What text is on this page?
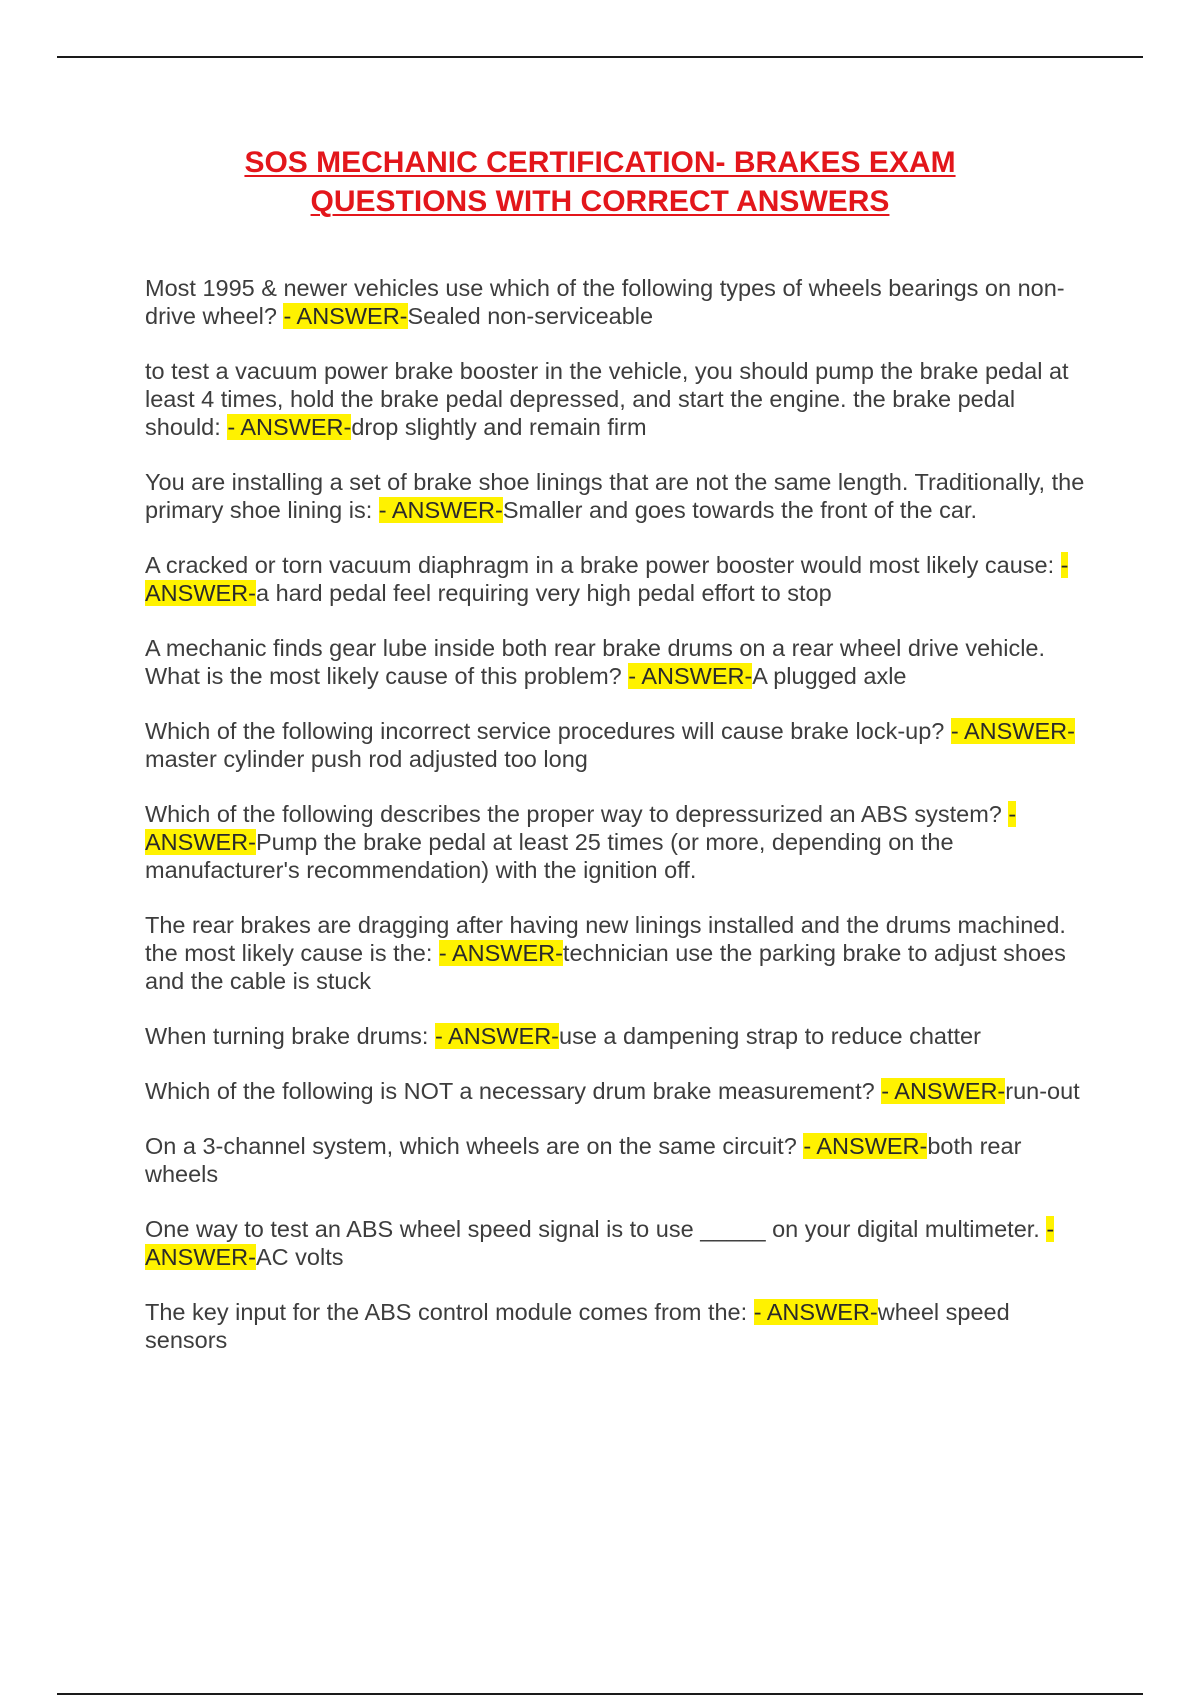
SOS MECHANIC CERTIFICATION- BRAKES EXAM
QUESTIONS WITH CORRECT ANSWERS

Most 1995 & newer vehicles use which of the following types of wheels bearings on non-drive wheel? - ANSWER-Sealed non-serviceable

to test a vacuum power brake booster in the vehicle, you should pump the brake pedal at least 4 times, hold the brake pedal depressed, and start the engine. the brake pedal should: - ANSWER-drop slightly and remain firm

You are installing a set of brake shoe linings that are not the same length. Traditionally, the primary shoe lining is: - ANSWER-Smaller and goes towards the front of the car.

A cracked or torn vacuum diaphragm in a brake power booster would most likely cause: - ANSWER-a hard pedal feel requiring very high pedal effort to stop

A mechanic finds gear lube inside both rear brake drums on a rear wheel drive vehicle. What is the most likely cause of this problem? - ANSWER-A plugged axle

Which of the following incorrect service procedures will cause brake lock-up? - ANSWER-master cylinder push rod adjusted too long

Which of the following describes the proper way to depressurized an ABS system? - ANSWER-Pump the brake pedal at least 25 times (or more, depending on the manufacturer's recommendation) with the ignition off.

The rear brakes are dragging after having new linings installed and the drums machined. the most likely cause is the: - ANSWER-technician use the parking brake to adjust shoes and the cable is stuck

When turning brake drums: - ANSWER-use a dampening strap to reduce chatter

Which of the following is NOT a necessary drum brake measurement? - ANSWER-run-out

On a 3-channel system, which wheels are on the same circuit? - ANSWER-both rear wheels

One way to test an ABS wheel speed signal is to use _____ on your digital multimeter. - ANSWER-AC volts

The key input for the ABS control module comes from the: - ANSWER-wheel speed sensors
